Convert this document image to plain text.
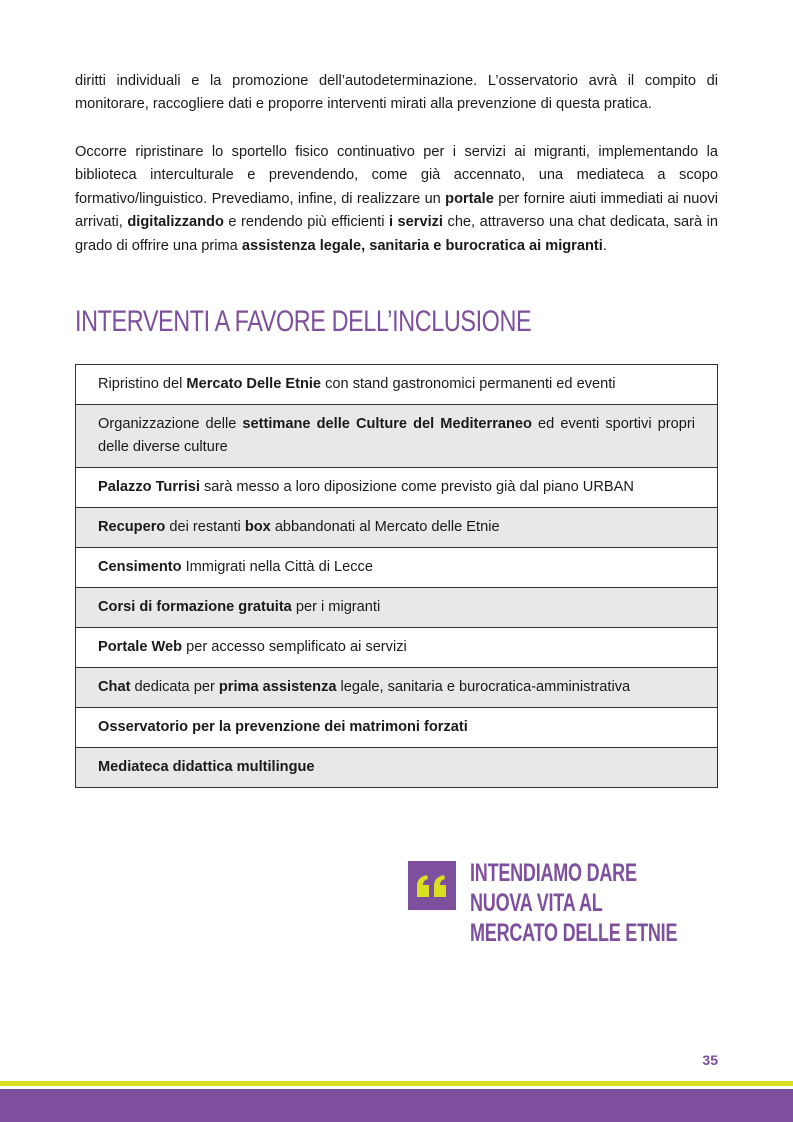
diritti individuali e la promozione dell’autodeterminazione. L’osservatorio avrà il compito di monitorare, raccogliere dati e proporre interventi mirati alla prevenzione di questa pratica.

Occorre ripristinare lo sportello fisico continuativo per i servizi ai migranti, implementando la biblioteca interculturale e prevendendo, come già accennato, una mediateca a scopo formativo/linguistico. Prevediamo, infine, di realizzare un portale per fornire aiuti immediati ai nuovi arrivati, digitalizzando e rendendo più efficienti i servizi che, attraverso una chat dedicata, sarà in grado di offrire una prima assistenza legale, sanitaria e burocratica ai migranti.

INTERVENTI A FAVORE DELL’INCLUSIONE
Ripristino del Mercato Delle Etnie con stand gastronomici permanenti ed eventi
Organizzazione delle settimane delle Culture del Mediterraneo ed eventi sportivi propri delle diverse culture
Palazzo Turrisi sarà messo a loro diposizione come previsto già dal piano URBAN
Recupero dei restanti box abbandonati al Mercato delle Etnie
Censimento Immigrati nella Città di Lecce
Corsi di formazione gratuita per i migranti
Portale Web per accesso semplificato ai servizi
Chat dedicata per prima assistenza legale, sanitaria e burocratica-amministrativa
Osservatorio per la prevenzione dei matrimoni forzati
Mediateca didattica multilingue
INTENDIAMO DARE
NUOVA VITA AL
MERCATO DELLE ETNIE
35
